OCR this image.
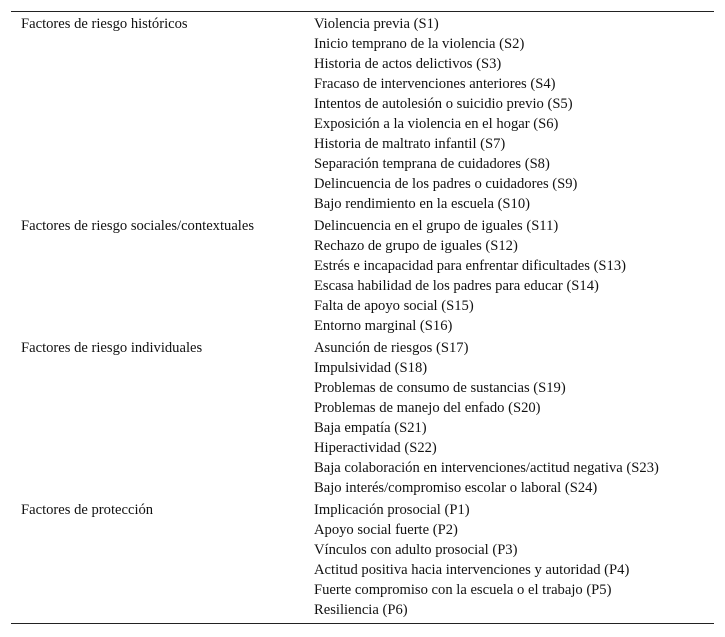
Factores de riesgo históricos	Violencia previa (S1)
Inicio temprano de la violencia (S2)
Historia de actos delictivos (S3)
Fracaso de intervenciones anteriores (S4)
Intentos de autolesión o suicidio previo (S5)
Exposición a la violencia en el hogar (S6)
Historia de maltrato infantil (S7)
Separación temprana de cuidadores (S8)
Delincuencia de los padres o cuidadores (S9)
Bajo rendimiento en la escuela (S10)
Factores de riesgo sociales/contextuales	Delincuencia en el grupo de iguales (S11)
Rechazo de grupo de iguales (S12)
Estrés e incapacidad para enfrentar dificultades (S13)
Escasa habilidad de los padres para educar (S14)
Falta de apoyo social (S15)
Entorno marginal (S16)
Factores de riesgo individuales	Asunción de riesgos (S17)
Impulsividad (S18)
Problemas de consumo de sustancias (S19)
Problemas de manejo del enfado (S20)
Baja empatía (S21)
Hiperactividad (S22)
Baja colaboración en intervenciones/actitud negativa (S23)
Bajo interés/compromiso escolar o laboral (S24)
Factores de protección	Implicación prosocial (P1)
Apoyo social fuerte (P2)
Vínculos con adulto prosocial (P3)
Actitud positiva hacia intervenciones y autoridad (P4)
Fuerte compromiso con la escuela o el trabajo (P5)
Resiliencia (P6)
